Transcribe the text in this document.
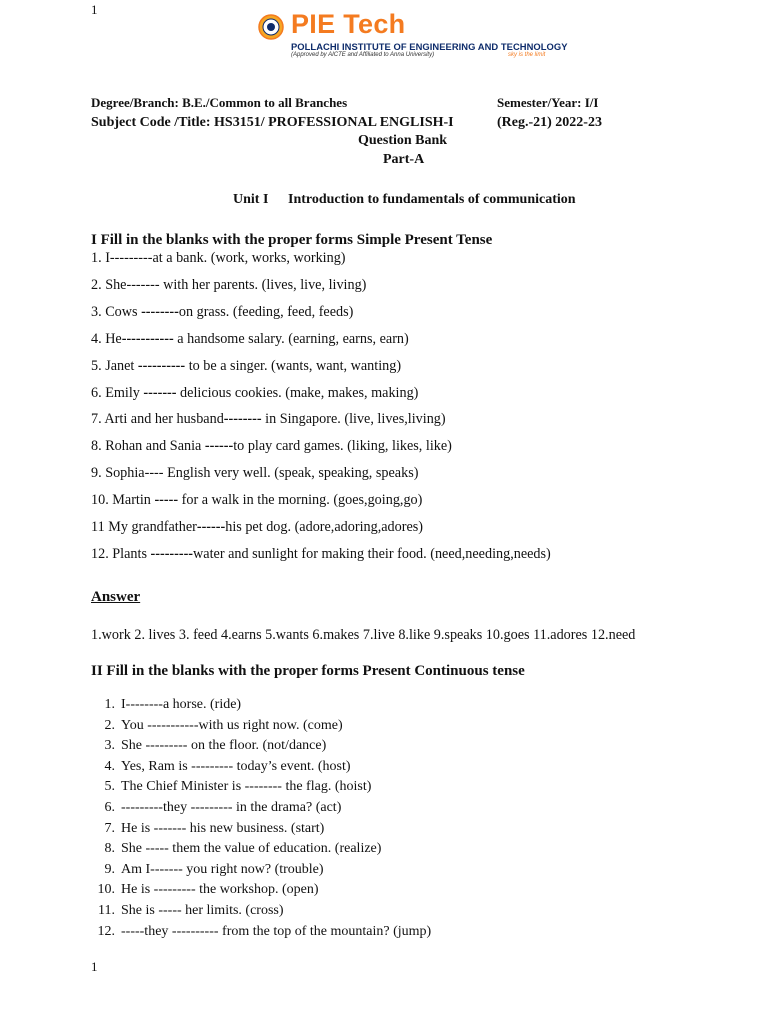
1	PIE Tech
POLLACHI INSTITUTE OF ENGINEERING AND TECHNOLOGY
(Approved by AICTE and Affiliated to Anna University)	sky is the limit
Degree/Branch: B.E./Common to all Branches	Semester/Year: I/I
Subject Code /Title: HS3151/ PROFESSIONAL ENGLISH-I	(Reg.-21) 2022-23
Question Bank
Part-A
Unit I Introduction to fundamentals of communication
I Fill in the blanks with the proper forms Simple Present Tense
1. I---------at a bank. (work, works, working)
2. She------- with her parents. (lives, live, living)
3. Cows --------on grass. (feeding, feed, feeds)
4. He----------- a handsome salary. (earning, earns, earn)
5. Janet ---------- to be a singer. (wants, want, wanting)
6. Emily ------- delicious cookies. (make, makes, making)
7. Arti and her husband-------- in Singapore. (live, lives,living)
8. Rohan and Sania ------to play card games. (liking, likes, like)
9. Sophia---- English very well. (speak, speaking, speaks)
10. Martin ----- for a walk in the morning. (goes,going,go)
11 My grandfather------his pet dog. (adore,adoring,adores)
12. Plants ---------water and sunlight for making their food. (need,needing,needs)
Answer
1.work 2. lives 3. feed 4.earns 5.wants 6.makes 7.live 8.like 9.speaks 10.goes 11.adores 12.need
II Fill in the blanks with the proper forms Present Continuous tense
1. I--------a horse. (ride)
2. You -----------with us right now. (come)
3. She --------- on the floor. (not/dance)
4. Yes, Ram is --------- today’s event. (host)
5. The Chief Minister is -------- the flag. (hoist)
6. ---------they --------- in the drama? (act)
7. He is ------- his new business. (start)
8. She ----- them the value of education. (realize)
9. Am I------- you right now? (trouble)
10. He is --------- the workshop. (open)
11. She is ----- her limits. (cross)
12. -----they ---------- from the top of the mountain? (jump)
1
